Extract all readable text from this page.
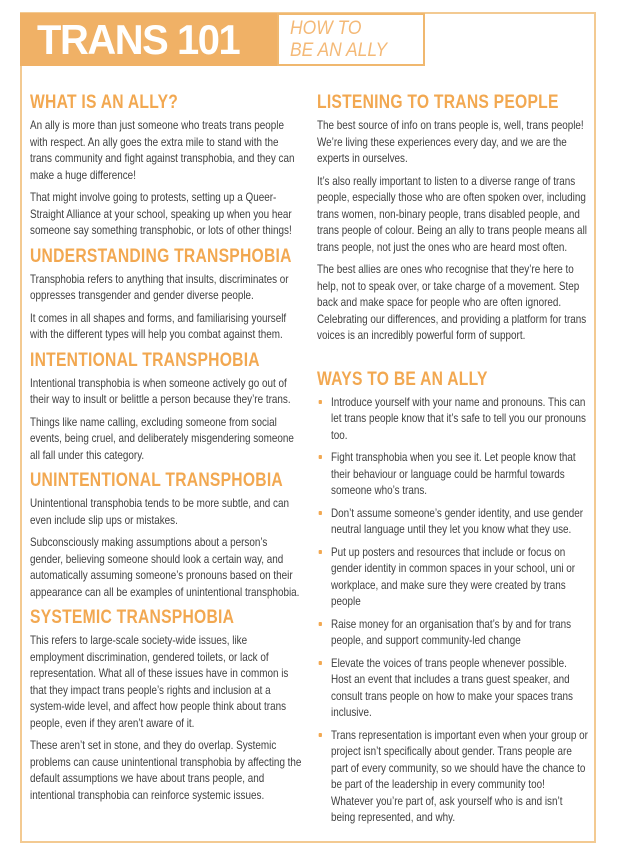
TRANS 101	HOW TO
BE AN ALLY
WHAT IS AN ALLY?

An ally is more than just someone who treats trans people with respect. An ally goes the extra mile to stand with the trans community and fight against transphobia, and they can make a huge difference!

That might involve going to protests, setting up a Queer-Straight Alliance at your school, speaking up when you hear someone say something transphobic, or lots of other things!

UNDERSTANDING TRANSPHOBIA

Transphobia refers to anything that insults, discriminates or oppresses transgender and gender diverse people.

It comes in all shapes and forms, and familiarising yourself with the different types will help you combat against them.

INTENTIONAL TRANSPHOBIA

Intentional transphobia is when someone actively go out of their way to insult or belittle a person because they’re trans.

Things like name calling, excluding someone from social events, being cruel, and deliberately misgendering someone all fall under this category.

UNINTENTIONAL TRANSPHOBIA

Unintentional transphobia tends to be more subtle, and can even include slip ups or mistakes.

Subconsciously making assumptions about a person’s gender, believing someone should look a certain way, and automatically assuming someone’s pronouns based on their appearance can all be examples of unintentional transphobia.

SYSTEMIC TRANSPHOBIA

This refers to large-scale society-wide issues, like employment discrimination, gendered toilets, or lack of representation. What all of these issues have in common is that they impact trans people’s rights and inclusion at a system-wide level, and affect how people think about trans people, even if they aren’t aware of it.

These aren’t set in stone, and they do overlap. Systemic problems can cause unintentional transphobia by affecting the default assumptions we have about trans people, and intentional transphobia can reinforce systemic issues.

LISTENING TO TRANS PEOPLE

The best source of info on trans people is, well, trans people! We’re living these experiences every day, and we are the experts in ourselves.

It’s also really important to listen to a diverse range of trans people, especially those who are often spoken over, including trans women, non-binary people, trans disabled people, and trans people of colour. Being an ally to trans people means all trans people, not just the ones who are heard most often.

The best allies are ones who recognise that they’re here to help, not to speak over, or take charge of a movement. Step back and make space for people who are often ignored. Celebrating our differences, and providing a platform for trans voices is an incredibly powerful form of support.

WAYS TO BE AN ALLY
Introduce yourself with your name and pronouns. This can let trans people know that it’s safe to tell you our pronouns too.
Fight transphobia when you see it. Let people know that their behaviour or language could be harmful towards someone who’s trans.
Don’t assume someone’s gender identity, and use gender neutral language until they let you know what they use.
Put up posters and resources that include or focus on gender identity in common spaces in your school, uni or workplace, and make sure they were created by trans people
Raise money for an organisation that’s by and for trans people, and support community-led change
Elevate the voices of trans people whenever possible. Host an event that includes a trans guest speaker, and consult trans people on how to make your spaces trans inclusive.
Trans representation is important even when your group or project isn’t specifically about gender. Trans people are part of every community, so we should have the chance to be part of the leadership in every community too! Whatever you’re part of, ask yourself who is and isn’t being represented, and why.
